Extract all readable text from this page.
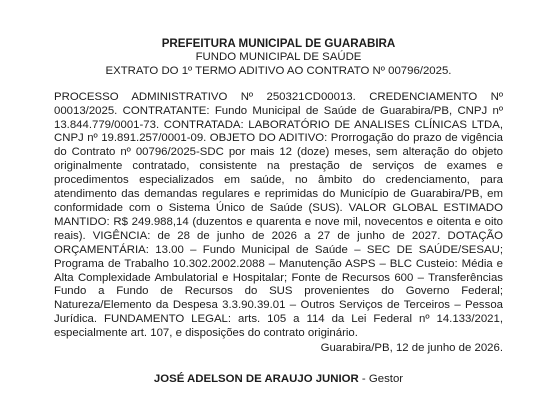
PREFEITURA MUNICIPAL DE GUARABIRA
FUNDO MUNICIPAL DE SAÚDE
EXTRATO DO 1º TERMO ADITIVO AO CONTRATO Nº 00796/2025.
PROCESSO ADMINISTRATIVO Nº 250321CD00013. CREDENCIAMENTO Nº 00013/2025. CONTRATANTE: Fundo Municipal de Saúde de Guarabira/PB, CNPJ nº 13.844.779/0001-73. CONTRATADA: LABORATÓRIO DE ANALISES CLÍNICAS LTDA, CNPJ nº 19.891.257/0001-09. OBJETO DO ADITIVO: Prorrogação do prazo de vigência do Contrato nº 00796/2025-SDC por mais 12 (doze) meses, sem alteração do objeto originalmente contratado, consistente na prestação de serviços de exames e procedimentos especializados em saúde, no âmbito do credenciamento, para atendimento das demandas regulares e reprimidas do Município de Guarabira/PB, em conformidade com o Sistema Único de Saúde (SUS). VALOR GLOBAL ESTIMADO MANTIDO: R$ 249.988,14 (duzentos e quarenta e nove mil, novecentos e oitenta e oito reais). VIGÊNCIA: de 28 de junho de 2026 a 27 de junho de 2027. DOTAÇÃO ORÇAMENTÁRIA: 13.00 – Fundo Municipal de Saúde – SEC DE SAÚDE/SESAU; Programa de Trabalho 10.302.2002.2088 – Manutenção ASPS – BLC Custeio: Média e Alta Complexidade Ambulatorial e Hospitalar; Fonte de Recursos 600 – Transferências Fundo a Fundo de Recursos do SUS provenientes do Governo Federal; Natureza/Elemento da Despesa 3.3.90.39.01 – Outros Serviços de Terceiros – Pessoa Jurídica. FUNDAMENTO LEGAL: arts. 105 a 114 da Lei Federal nº 14.133/2021, especialmente art. 107, e disposições do contrato originário.
Guarabira/PB, 12 de junho de 2026.
JOSÉ ADELSON DE ARAUJO JUNIOR - Gestor
